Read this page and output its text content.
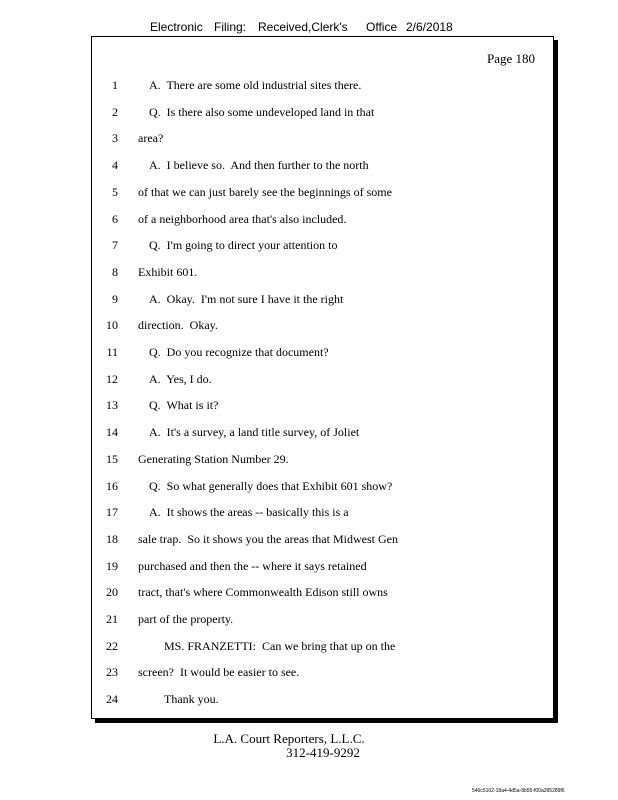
Electronic Filing: Received,Clerk's Office 2/6/2018
Page 180
1	A.  There are some old industrial sites there.
2	Q.  Is there also some undeveloped land in that
3 area?
4	A.  I believe so.  And then further to the north
5 of that we can just barely see the beginnings of some
6 of a neighborhood area that's also included.
7	Q.  I'm going to direct your attention to
8 Exhibit 601.
9	A.  Okay.  I'm not sure I have it the right
10 direction.  Okay.
11	Q.  Do you recognize that document?
12	A.  Yes, I do.
13	Q.  What is it?
14	A.  It's a survey, a land title survey, of Joliet
15 Generating Station Number 29.
16	Q.  So what generally does that Exhibit 601 show?
17	A.  It shows the areas -- basically this is a
18 sale trap.  So it shows you the areas that Midwest Gen
19 purchased and then the -- where it says retained
20 tract, that's where Commonwealth Edison still owns
21 part of the property.
22	MS. FRANZETTI:  Can we bring that up on the
23 screen?  It would be easier to see.
24	Thank you.
L.A. Court Reporters, L.L.C.
312-419-9292
546c5102-18a4-4d5a-8b55-f00a395289f6
